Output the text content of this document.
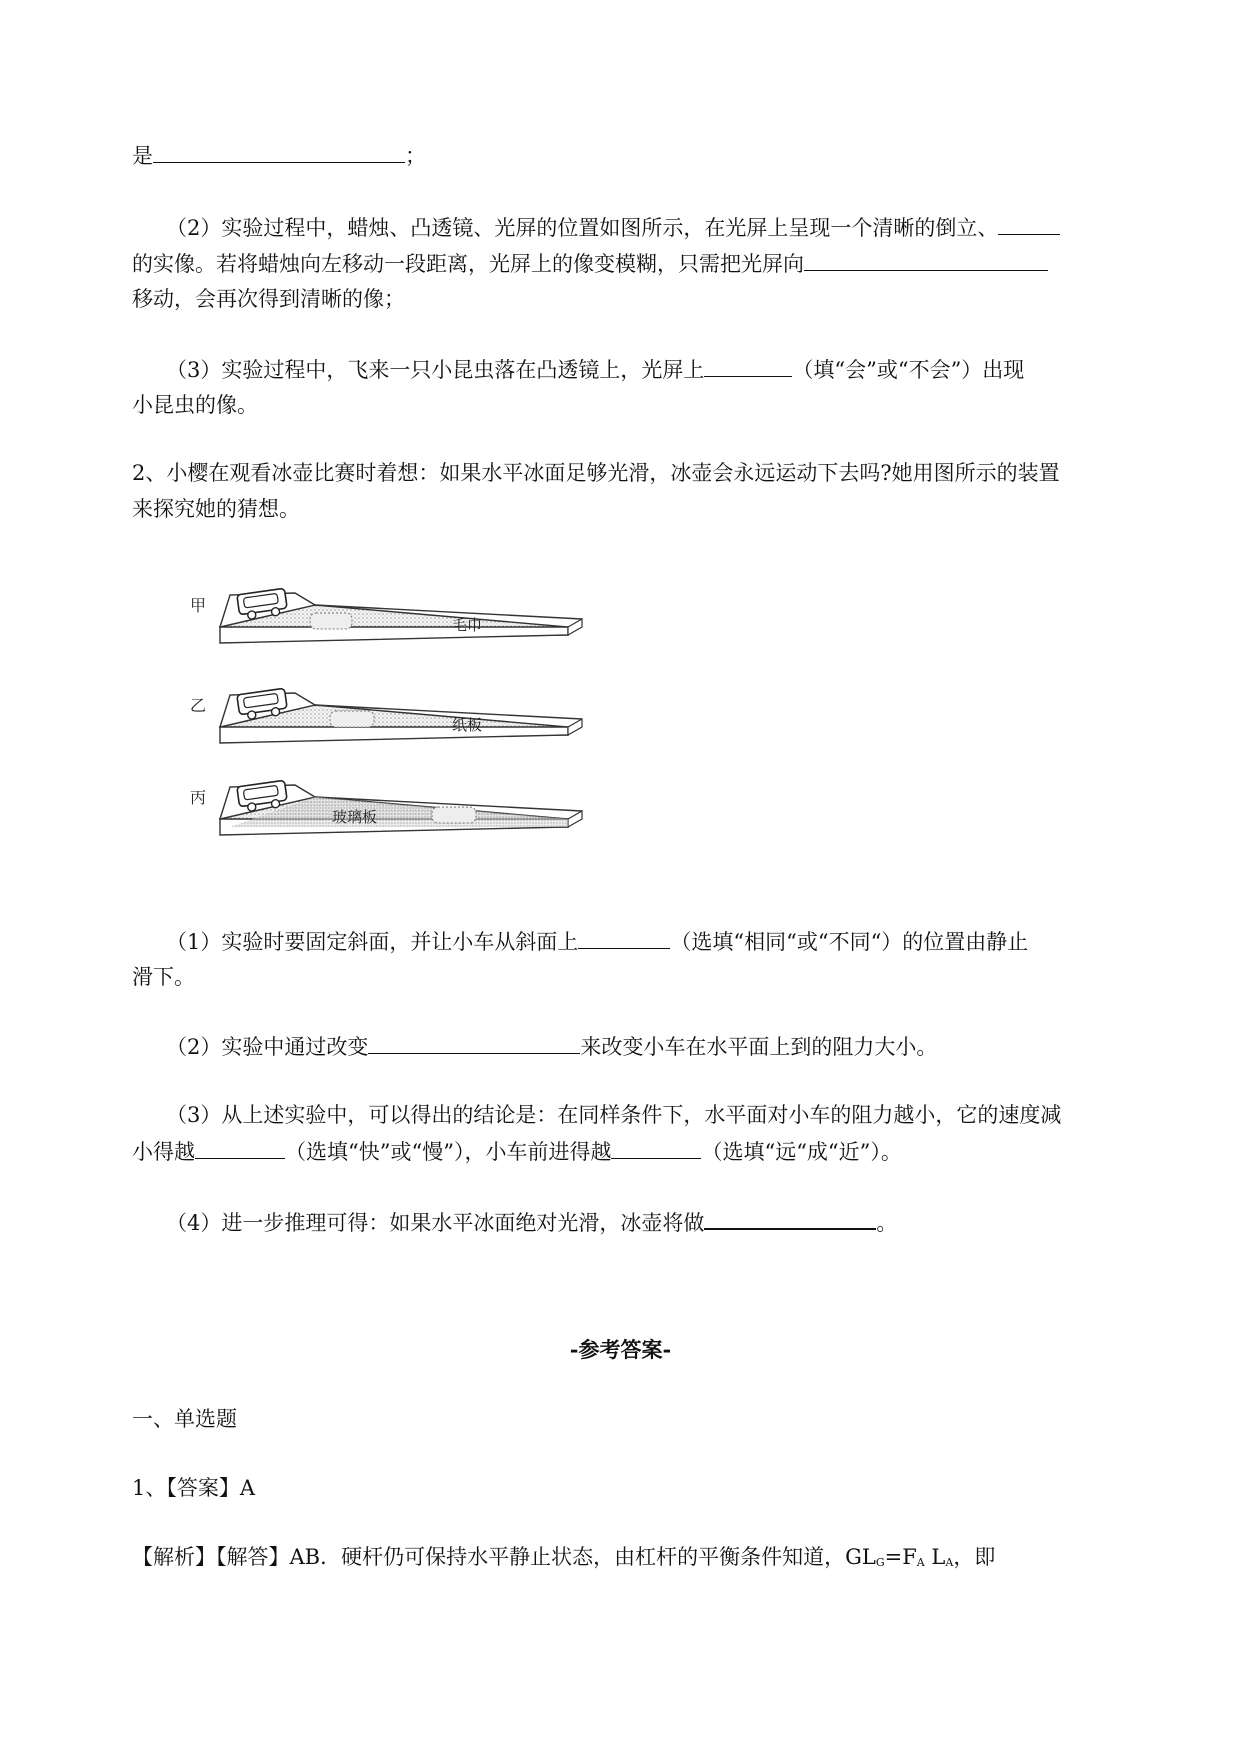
是	；
（2）实验过程中，蜡烛、凸透镜、光屏的位置如图所示，在光屏上呈现一个清晰的倒立、
的实像。若将蜡烛向左移动一段距离，光屏上的像变模糊，只需把光屏向
移动，会再次得到清晰的像；
（3）实验过程中，飞来一只小昆虫落在凸透镜上，光屏上	（填“会”或“不会”）出现
小昆虫的像。
2、小樱在观看冰壶比赛时着想：如果水平冰面足够光滑，冰壶会永远运动下去吗?她用图所示的装置
来探究她的猜想。
甲
毛巾
乙
纸板
丙
玻璃板
（1）实验时要固定斜面，并让小车从斜面上	（选填“相同“或“不同“）的位置由静止
滑下。
（2）实验中通过改变	来改变小车在水平面上到的阻力大小。
（3）从上述实验中，可以得出的结论是：在同样条件下，水平面对小车的阻力越小，它的速度减
小得越	（选填“快”或“慢”），小车前进得越	（选填“远“成“近”）。
（4）进一步推理可得：如果水平冰面绝对光滑，冰壶将做	。
-参考答案-
一、单选题
1、【答案】A
【解析】【解答】AB．硬杆仍可保持水平静止状态，由杠杆的平衡条件知道，GLG=FA LA，即
